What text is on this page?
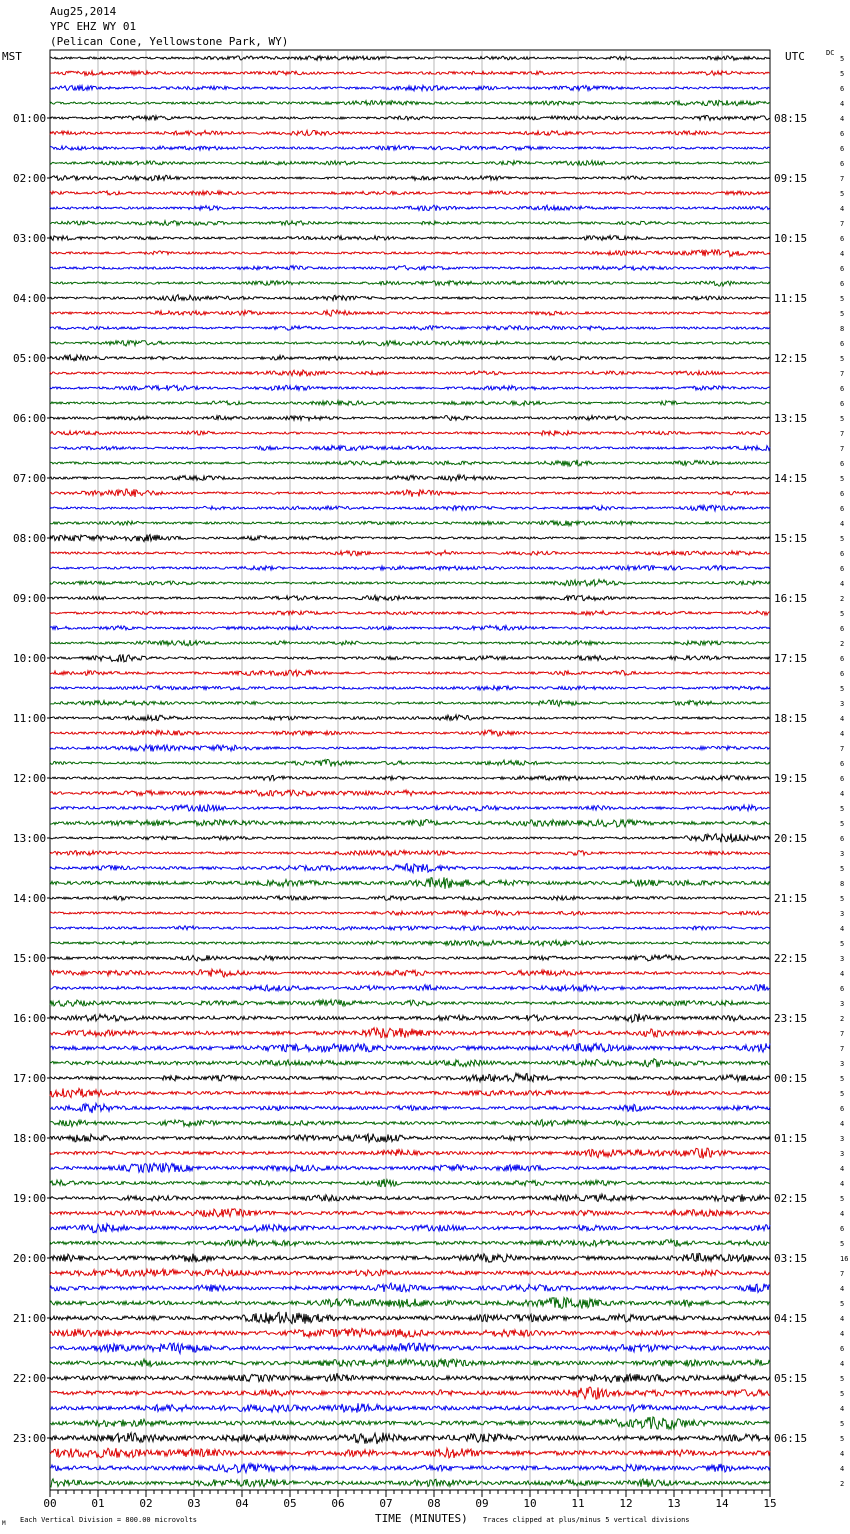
Aug25,2014
YPC EHZ WY 01
(Pelican Cone, Yellowstone Park, WY)
MST	UTC	DC
5
5
6
4
4
6
6
6
7
5
4
7
6
4
6
6
5
5
8
6
5
7
6
6
5
7
7
6
5
6
6
4
5
6
6
4
2
5
6
2
6
6
5
3
4
4
7
6
6
4
5
5
6
3
5
8
5
3
4
5
3
4
6
3
2
7
7
3
5
5
6
4
3
3
4
4
5
4
6
5
16
7
4
5
4
4
6
4
5
5
4
5
5
4
4
2
01:00
02:00
03:00
04:00
05:00
06:00
07:00
08:00
09:00
10:00
11:00
12:00
13:00
14:00
15:00
16:00
17:00
18:00
19:00
20:00
21:00
22:00
23:00
08:15
09:15
10:15
11:15
12:15
13:15
14:15
15:15
16:15
17:15
18:15
19:15
20:15
21:15
22:15
23:15
00:15
01:15
02:15
03:15
04:15
05:15
06:15
00	01	02	03	04	05	06	07	08	09	10	11	12	13	14	15
M Each Vertical Division = 800.00 microvolts	TIME (MINUTES) Traces clipped at plus/minus 5 vertical divisions
